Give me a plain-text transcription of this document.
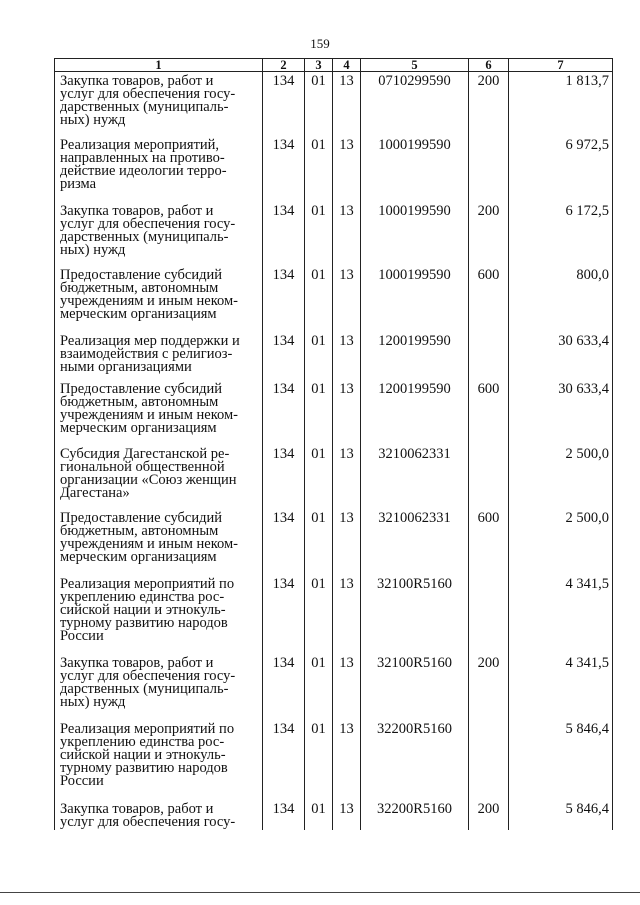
159
1	2	3	4	5	6	7

Закупка товаров, работ и
услуг для обеспечения госу-
дарственных (муниципаль-
ных) нужд	134	01	13	0710299590	200	1 813,7

Реализация мероприятий,
направленных на противо-
действие идеологии терро-
ризма	134	01	13	1000199590		6 972,5

Закупка товаров, работ и
услуг для обеспечения госу-
дарственных (муниципаль-
ных) нужд	134	01	13	1000199590	200	6 172,5

Предоставление субсидий
бюджетным, автономным
учреждениям и иным неком-
мерческим организациям	134	01	13	1000199590	600	800,0

Реализация мер поддержки и
взаимодействия с религиоз-
ными организациями	134	01	13	1200199590		30 633,4

Предоставление субсидий
бюджетным, автономным
учреждениям и иным неком-
мерческим организациям	134	01	13	1200199590	600	30 633,4

Субсидия Дагестанской ре-
гиональной общественной
организации «Союз женщин
Дагестана»	134	01	13	3210062331		2 500,0

Предоставление субсидий
бюджетным, автономным
учреждениям и иным неком-
мерческим организациям	134	01	13	3210062331	600	2 500,0

Реализация мероприятий по
укреплению единства рос-
сийской нации и этнокуль-
турному развитию народов
России	134	01	13	32100R5160		4 341,5

Закупка товаров, работ и
услуг для обеспечения госу-
дарственных (муниципаль-
ных) нужд	134	01	13	32100R5160	200	4 341,5

Реализация мероприятий по
укреплению единства рос-
сийской нации и этнокуль-
турному развитию народов
России	134	01	13	32200R5160		5 846,4

Закупка товаров, работ и
услуг для обеспечения госу-	134	01	13	32200R5160	200	5 846,4
